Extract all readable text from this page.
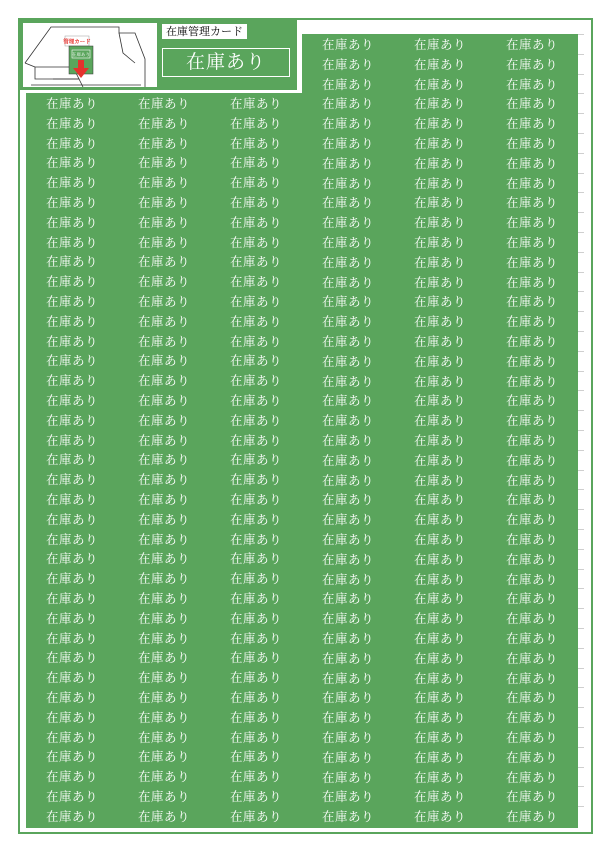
管理カード
在庫あり
在庫管理カード
在庫あり
在庫あり
在庫あり
在庫あり
在庫あり
在庫あり
在庫あり
在庫あり
在庫あり
在庫あり
在庫あり
在庫あり
在庫あり
在庫あり
在庫あり
在庫あり
在庫あり
在庫あり
在庫あり
在庫あり
在庫あり
在庫あり
在庫あり
在庫あり
在庫あり
在庫あり
在庫あり
在庫あり
在庫あり
在庫あり
在庫あり
在庫あり
在庫あり
在庫あり
在庫あり
在庫あり
在庫あり
在庫あり
在庫あり
在庫あり
在庫あり
在庫あり
在庫あり
在庫あり
在庫あり
在庫あり
在庫あり
在庫あり
在庫あり
在庫あり
在庫あり
在庫あり
在庫あり
在庫あり
在庫あり
在庫あり
在庫あり
在庫あり
在庫あり
在庫あり
在庫あり
在庫あり
在庫あり
在庫あり
在庫あり
在庫あり
在庫あり
在庫あり
在庫あり
在庫あり
在庫あり
在庫あり
在庫あり
在庫あり
在庫あり
在庫あり
在庫あり
在庫あり
在庫あり
在庫あり
在庫あり
在庫あり
在庫あり
在庫あり
在庫あり
在庫あり
在庫あり
在庫あり
在庫あり
在庫あり
在庫あり
在庫あり
在庫あり
在庫あり
在庫あり
在庫あり
在庫あり
在庫あり
在庫あり
在庫あり
在庫あり
在庫あり
在庫あり
在庫あり
在庫あり
在庫あり
在庫あり
在庫あり
在庫あり
在庫あり
在庫あり
在庫あり
在庫あり
在庫あり
在庫あり
在庫あり
在庫あり
在庫あり
在庫あり
在庫あり
在庫あり
在庫あり
在庫あり
在庫あり
在庫あり
在庫あり
在庫あり
在庫あり
在庫あり
在庫あり
在庫あり
在庫あり
在庫あり
在庫あり
在庫あり
在庫あり
在庫あり
在庫あり
在庫あり
在庫あり
在庫あり
在庫あり
在庫あり
在庫あり
在庫あり
在庫あり
在庫あり
在庫あり
在庫あり
在庫あり
在庫あり
在庫あり
在庫あり
在庫あり
在庫あり
在庫あり
在庫あり
在庫あり
在庫あり
在庫あり
在庫あり
在庫あり
在庫あり
在庫あり
在庫あり
在庫あり
在庫あり
在庫あり
在庫あり
在庫あり
在庫あり
在庫あり
在庫あり
在庫あり
在庫あり
在庫あり
在庫あり
在庫あり
在庫あり
在庫あり
在庫あり
在庫あり
在庫あり
在庫あり
在庫あり
在庫あり
在庫あり
在庫あり
在庫あり
在庫あり
在庫あり
在庫あり
在庫あり
在庫あり
在庫あり
在庫あり
在庫あり
在庫あり
在庫あり
在庫あり
在庫あり
在庫あり
在庫あり
在庫あり
在庫あり
在庫あり
在庫あり
在庫あり
在庫あり
在庫あり
在庫あり
在庫あり
在庫あり
在庫あり
在庫あり
在庫あり
在庫あり
在庫あり
在庫あり
在庫あり
在庫あり
在庫あり
在庫あり
在庫あり
在庫あり
在庫あり
在庫あり
在庫あり
在庫あり
在庫あり
在庫あり
在庫あり
